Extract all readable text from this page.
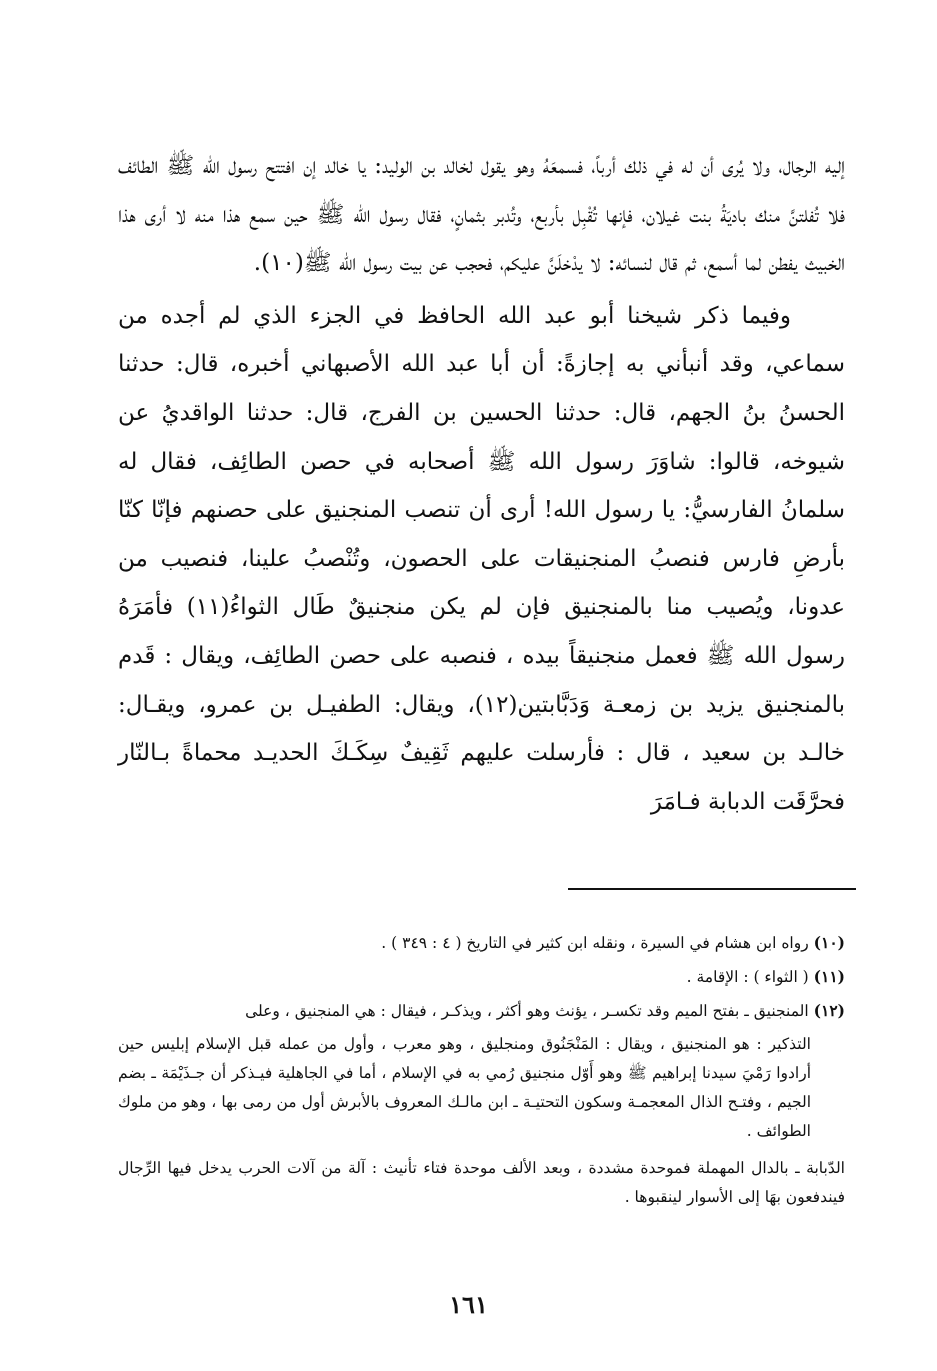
إليه الرجال، ولا يُرى أن له في ذلك أرباً، فسمعَهُ وهو يقول لخالد بن الوليد: يا خالد إن افتتح رسول الله ﷺ الطائف فلا تُفلتنَّ منك باديَةُ بنت غيلان، فإنها تُقْبِل بأربع، وتُدبر بثمانٍ، فقال رسول الله ﷺ حين سمع هذا منه لا أرى هذا الخبيث يفطن لما أسمع، ثم قال لنسائه: لا يدْخلَنَّ عليكم، فحجب عن بيت رسول الله ﷺ(١٠).

وفيما ذكر شيخنا أبو عبد الله الحافظ في الجزء الذي لم أجده من سماعي، وقد أنبأني به إجازةً: أن أبا عبد الله الأصبهاني أخبره، قال: حدثنا الحسنُ بنُ الجهم، قال: حدثنا الحسين بن الفرج، قال: حدثنا الواقديُ عن شيوخه، قالوا: شاوَرَ رسول الله ﷺ أصحابه في حصن الطائِف، فقال له سلمانُ الفارسيُّ: يا رسول الله! أرى أن تنصب المنجنيق على حصنهم فإنّا كنّا بأرضِ فارس فنصبُ المنجنيقات على الحصون، وتُنْصبُ علينا، فنصيب من عدونا، ويُصيب منا بالمنجنيق فإن لم يكن منجنيقٌ طَال الثواءُ(١١) فأمَرَهُ رسول الله ﷺ فعمل منجنيقاً بيده ، فنصبه على حصن الطائِف، ويقال : قَدم بالمنجنيق يزيد بن زمعـة وَدَبَّابتين(١٢)، ويقال: الطفيـل بن عمرو، ويقـال: خالـد بن سعيد ، قال : فأرسلت عليهم ثَقِيفٌ سِكَـكَ الحديـد محماةً بـالنّار فحرَّقَت الدبابة فـامَرَ

(١٠) رواه ابن هشام في السيرة ، ونقله ابن كثير في التاريخ ( ٤ : ٣٤٩ ) .

(١١) ( الثواء ) : الإقامة .

(١٢) المنجنيق ـ بفتح الميم وقد تكسـر ، يؤنث وهو أكثر ، ويذكـر ، فيقال : هي المنجنيق ، وعلى

التذكير : هو المنجنيق ، ويقال : المَنْجَنُوق ومنجليق ، وهو معرب ، وأول من عمله قبل الإسلام إبليس حين أرادوا رَمْيَ سيدنا إبراهيم ﷺ وهو أَوّل منجنيق رُمي به في الإسلام ، أما في الجاهلية فيـذكر أن جـذَيْمَة ـ بضم الجيم ، وفتـح الذال المعجمـة وسكون التحتيـة ـ ابن مالـك المعروف بالأبرش أول من رمى بها ، وهو من ملوك الطوائف .

الدّبابة ـ بالدال المهملة فموحدة مشددة ، وبعد الألف موحدة فتاء تأنيث : آلة من آلات الحرب يدخل فيها الرِّجال فيندفعون بهَا إلى الأسوار لينقبوها .

١٦١
